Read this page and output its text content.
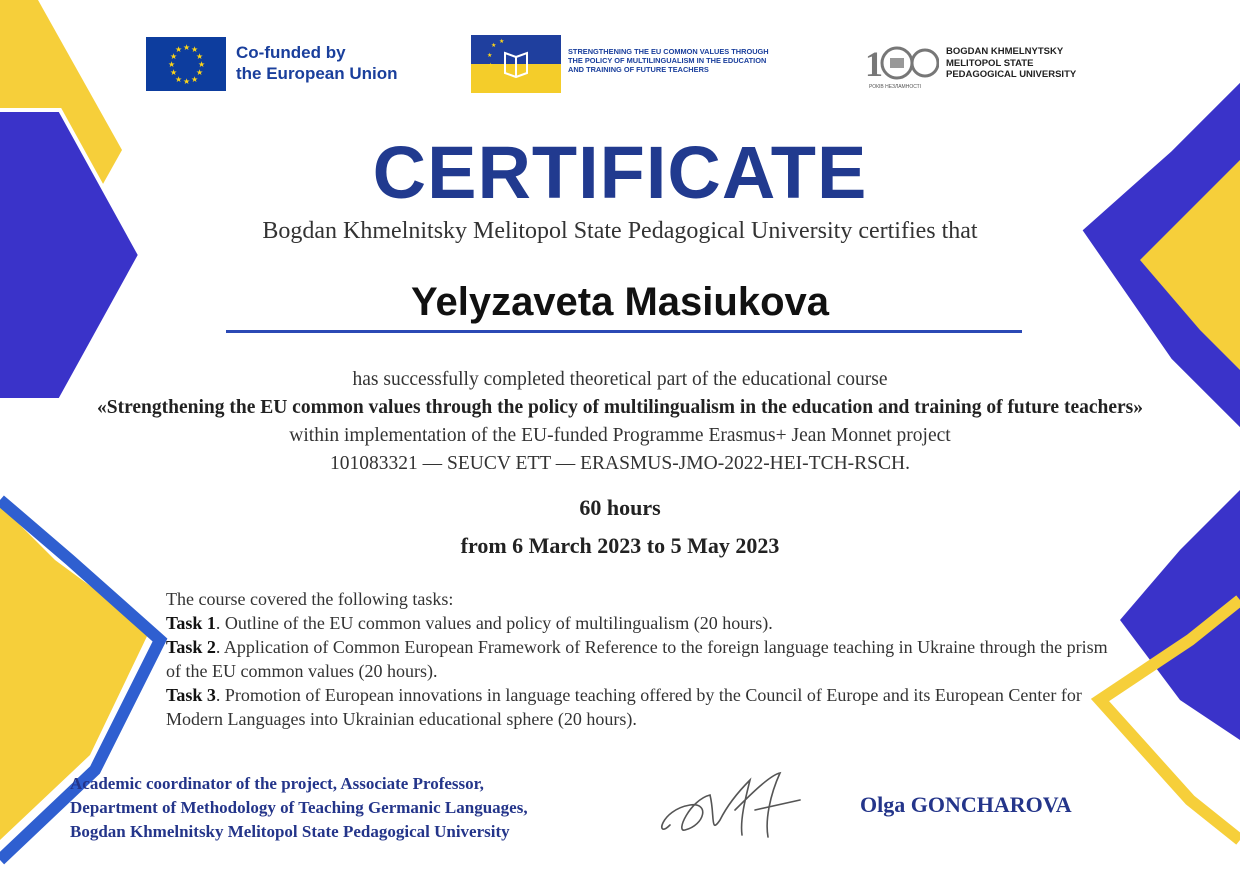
★ ★
★
★
★
★
★
★
★
★
★
★	Co-funded by
the European Union
★
★
★
★
STRENGTHENING THE EU COMMON VALUES THROUGH
THE POLICY OF MULTILINGUALISM IN THE EDUCATION
AND TRAINING OF FUTURE TEACHERS	1
РОКІВ НЕЗЛАМНОСТІ
BOGDAN KHMELNYTSKY
MELITOPOL STATE
PEDAGOGICAL UNIVERSITY
CERTIFICATE
Bogdan Khmelnitsky Melitopol State Pedagogical University certifies that
Yelyzaveta Masiukova
has successfully completed theoretical part of the educational course
«Strengthening the EU common values through the policy of multilingualism in the education and training of future teachers» within implementation of the EU-funded Programme Erasmus+ Jean Monnet project
101083321 — SEUCV ETT — ERASMUS-JMO-2022-HEI-TCH-RSCH.
60 hours
from 6 March 2023 to 5 May 2023
The course covered the following tasks:
Task 1. Outline of the EU common values and policy of multilingualism (20 hours).
Task 2. Application of Common European Framework of Reference to the foreign language teaching in Ukraine through the prism of the EU common values (20 hours).
Task 3. Promotion of European innovations in language teaching offered by the Council of Europe and its European Center for Modern Languages into Ukrainian educational sphere (20 hours).
Academic coordinator of the project, Associate Professor,
Department of Methodology of Teaching Germanic Languages,
Bogdan Khmelnitsky Melitopol State Pedagogical University
Olga GONCHAROVA
